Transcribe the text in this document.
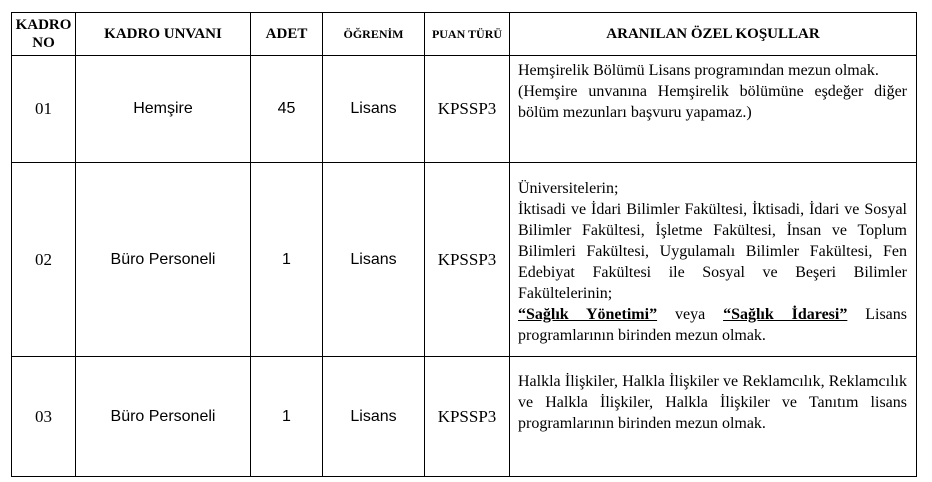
KADRO NO	KADRO UNVANI	ADET	ÖĞRENİM	PUAN TÜRÜ	ARANILAN ÖZEL KOŞULLAR
01	Hemşire	45	Lisans	KPSSP3	Hemşirelik Bölümü Lisans programından mezun olmak.

(Hemşire unvanına Hemşirelik bölümüne eşdeğer diğer bölüm mezunları başvuru yapamaz.)

02	Büro Personeli	1	Lisans	KPSSP3	Üniversitelerin;

İktisadi ve İdari Bilimler Fakültesi, İktisadi, İdari ve Sosyal Bilimler Fakültesi, İşletme Fakültesi, İnsan ve Toplum Bilimleri Fakültesi, Uygulamalı Bilimler Fakültesi, Fen Edebiyat Fakültesi ile Sosyal ve Beşeri Bilimler Fakültelerinin;

“Sağlık Yönetimi” veya “Sağlık İdaresi” Lisans programlarının birinden mezun olmak.

03	Büro Personeli	1	Lisans	KPSSP3	Halkla İlişkiler, Halkla İlişkiler ve Reklamcılık, Reklamcılık ve Halkla İlişkiler, Halkla İlişkiler ve Tanıtım lisans programlarının birinden mezun olmak.
